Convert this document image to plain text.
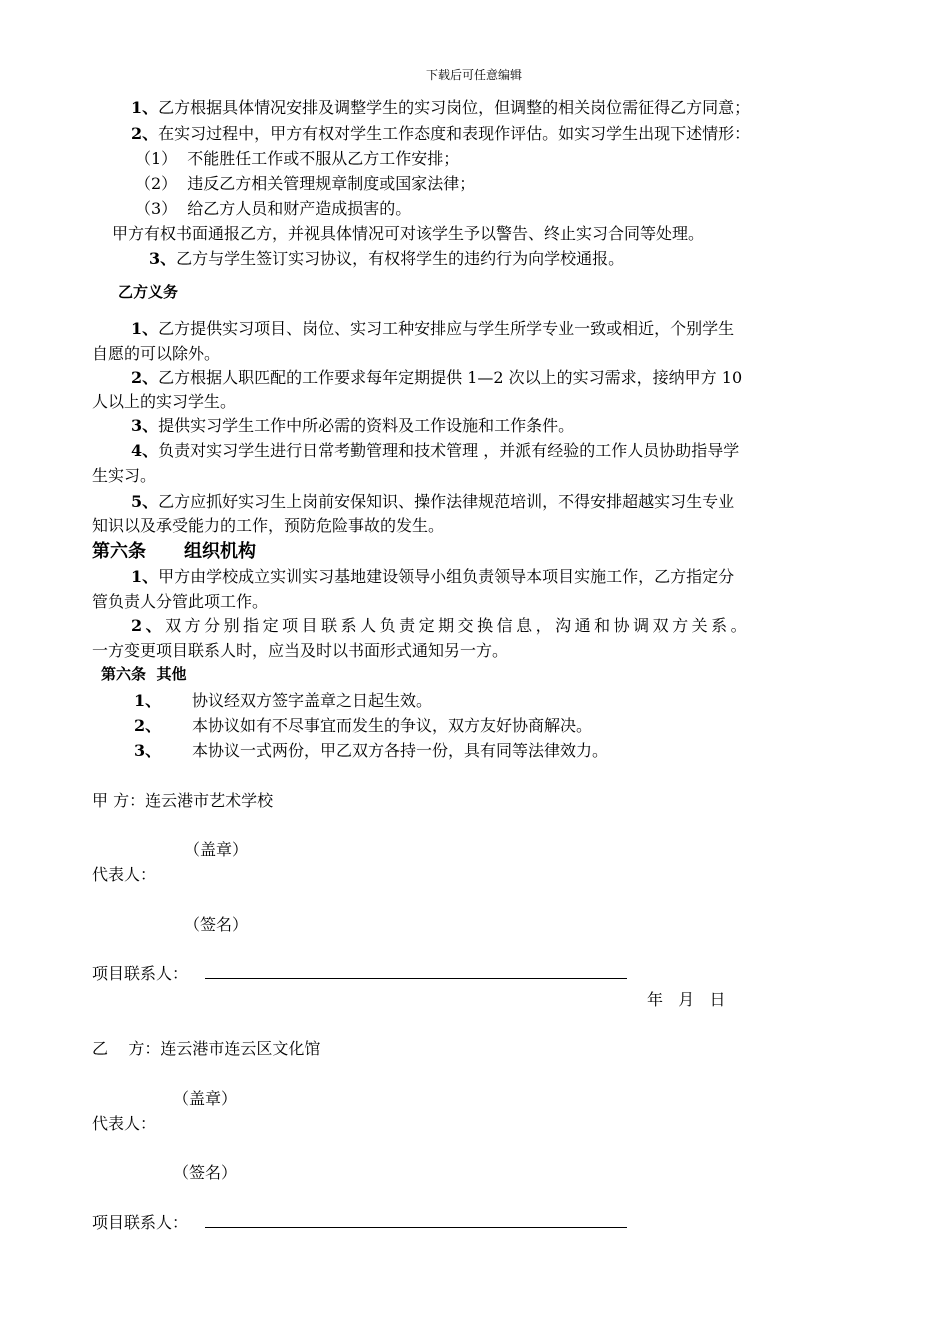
下载后可任意编辑
1、乙方根据具体情况安排及调整学生的实习岗位，但调整的相关岗位需征得乙方同意；
2、在实习过程中，甲方有权对学生工作态度和表现作评估。如实习学生出现下述情形：
（1） 不能胜任工作或不服从乙方工作安排；
（2） 违反乙方相关管理规章制度或国家法律；
（3） 给乙方人员和财产造成损害的。
甲方有权书面通报乙方，并视具体情况可对该学生予以警告、终止实习合同等处理。
3、乙方与学生签订实习协议，有权将学生的违约行为向学校通报。
乙方义务
1、乙方提供实习项目、岗位、实习工种安排应与学生所学专业一致或相近，个别学生
自愿的可以除外。
2、乙方根据人职匹配的工作要求每年定期提供 1—2 次以上的实习需求，接纳甲方 10
人以上的实习学生。
3、提供实习学生工作中所必需的资料及工作设施和工作条件。
4、负责对实习学生进行日常考勤管理和技术管理 ，并派有经验的工作人员协助指导学
生实习。
5、乙方应抓好实习生上岗前安保知识、操作法律规范培训，不得安排超越实习生专业
知识以及承受能力的工作，预防危险事故的发生。
第六条 组织机构
1、甲方由学校成立实训实习基地建设领导小组负责领导本项目实施工作，乙方指定分
管负责人分管此项工作。
2、双方分别指定项目联系人负责定期交换信息，沟通和协调双方关系。
一方变更项目联系人时，应当及时以书面形式通知另一方。
第六条  其他
1、 协议经双方签字盖章之日起生效。
2、 本协议如有不尽事宜而发生的争议，双方友好协商解决。
3、 本协议一式两份，甲乙双方各持一份，具有同等法律效力。
甲 方：连云港市艺术学校
（盖章）
代表人：
（签名）
项目联系人：
年   月   日
乙    方：连云港市连云区文化馆
（盖章）
代表人：
（签名）
项目联系人：
